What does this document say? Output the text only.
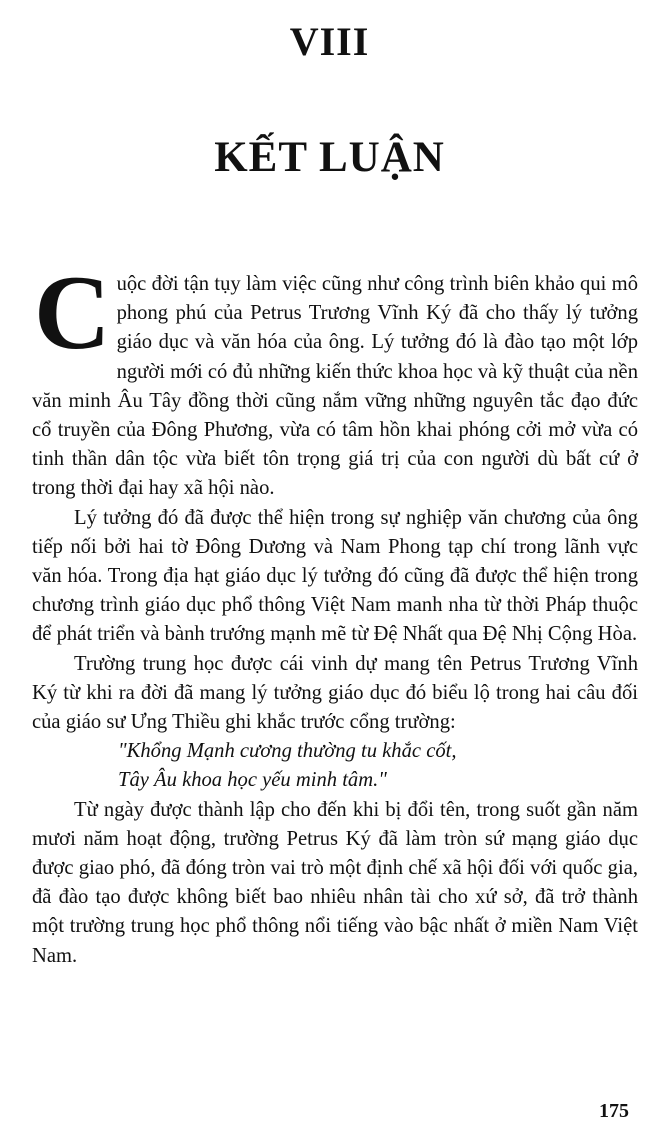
VIII
KẾT LUẬN

Cuộc đời tận tụy làm việc cũng như công trình biên khảo qui mô phong phú của Petrus Trương Vĩnh Ký đã cho thấy lý tưởng giáo dục và văn hóa của ông. Lý tưởng đó là đào tạo một lớp người mới có đủ những kiến thức khoa học và kỹ thuật của nền văn minh Âu Tây đồng thời cũng nắm vững những nguyên tắc đạo đức cổ truyền của Đông Phương, vừa có tâm hồn khai phóng cởi mở vừa có tinh thần dân tộc vừa biết tôn trọng giá trị của con người dù bất cứ ở trong thời đại hay xã hội nào.

Lý tưởng đó đã được thể hiện trong sự nghiệp văn chương của ông tiếp nối bởi hai tờ Đông Dương và Nam Phong tạp chí trong lãnh vực văn hóa. Trong địa hạt giáo dục lý tưởng đó cũng đã được thể hiện trong chương trình giáo dục phổ thông Việt Nam manh nha từ thời Pháp thuộc để phát triển và bành trướng mạnh mẽ từ Đệ Nhất qua Đệ Nhị Cộng Hòa.

Trường trung học được cái vinh dự mang tên Petrus Trương Vĩnh Ký từ khi ra đời đã mang lý tưởng giáo dục đó biểu lộ trong hai câu đối của giáo sư Ưng Thiều ghi khắc trước cổng trường:

"Khổng Mạnh cương thường tu khắc cốt,

Tây Âu khoa học yếu minh tâm."

Từ ngày được thành lập cho đến khi bị đổi tên, trong suốt gần năm mươi năm hoạt động, trường Petrus Ký đã làm tròn sứ mạng giáo dục được giao phó, đã đóng tròn vai trò một định chế xã hội đối với quốc gia, đã đào tạo được không biết bao nhiêu nhân tài cho xứ sở, đã trở thành một trường trung học phổ thông nổi tiếng vào bậc nhất ở miền Nam Việt Nam.

175
